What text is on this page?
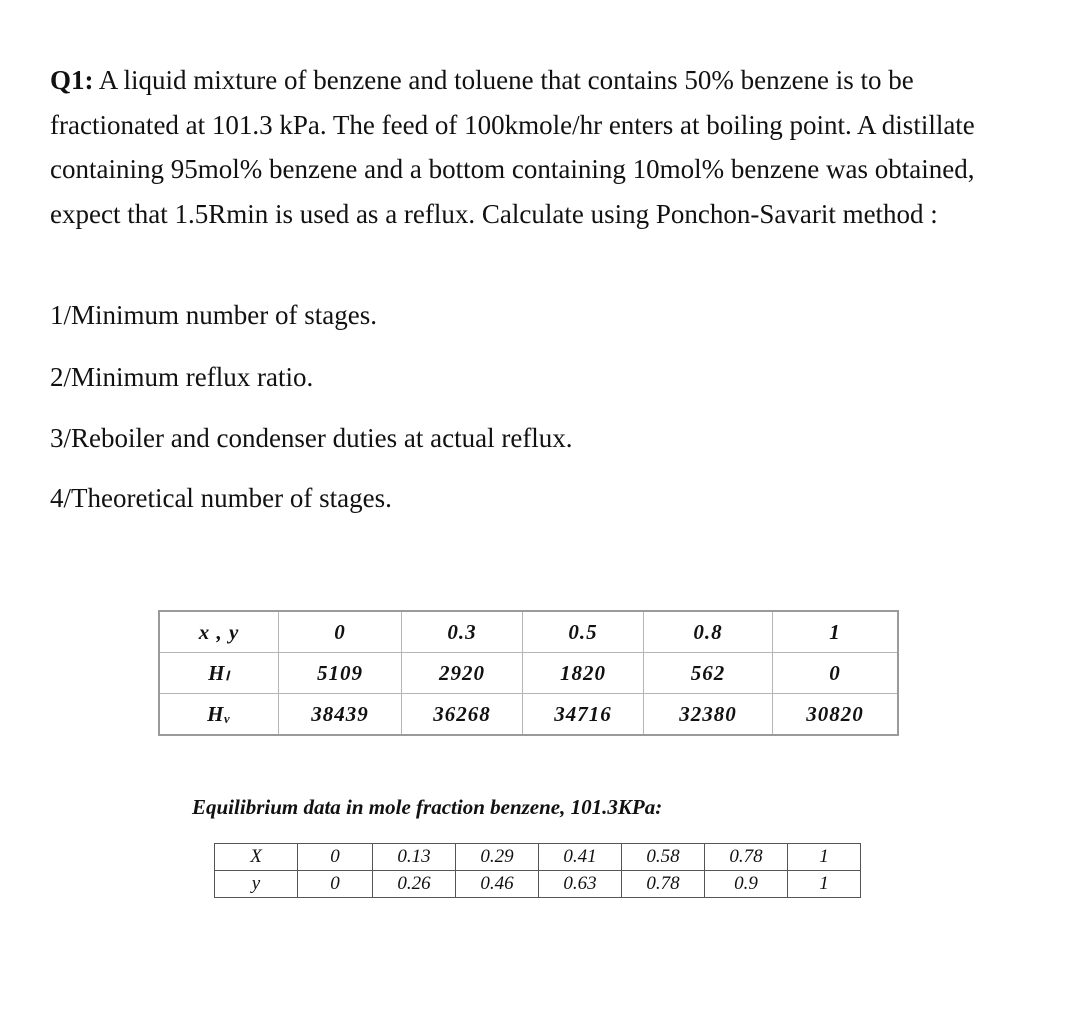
Q1: A liquid mixture of benzene and toluene that contains 50% benzene is to be fractionated at 101.3 kPa. The feed of 100kmole/hr enters at boiling point. A distillate containing 95mol% benzene and a bottom containing 10mol% benzene was obtained, expect that 1.5Rmin is used as a reflux. Calculate using Ponchon-Savarit method :

1/Minimum number of stages.

2/Minimum reflux ratio.

3/Reboiler and condenser duties at actual reflux.

4/Theoretical number of stages.

x , y	0	0.3	0.5	0.8	1
Hₗ	5109	2920	1820	562	0
Hᵥ	38439	36268	34716	32380	30820

Equilibrium data in mole fraction benzene, 101.3KPa:

X	0	0.13	0.29	0.41	0.58	0.78	1
y	0	0.26	0.46	0.63	0.78	0.9	1
